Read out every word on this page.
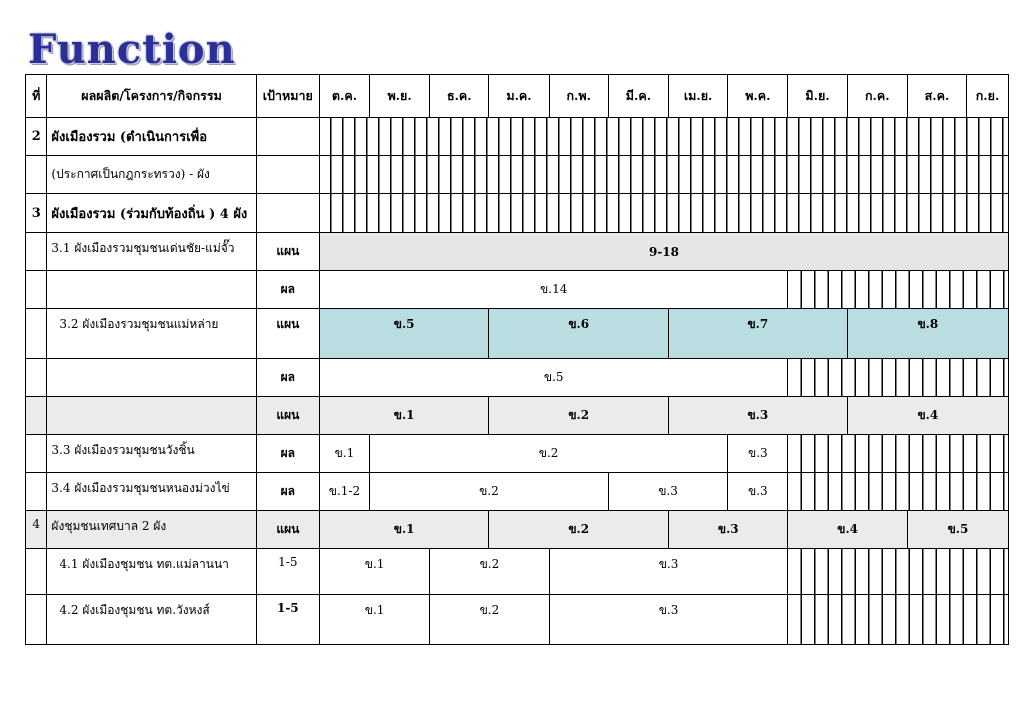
Function
ที่	ผลผลิต/โครงการ/กิจกรรม	เป้าหมาย	ต.ค.	พ.ย.	ธ.ค.	ม.ค.	ก.พ.	มี.ค.	เม.ย.	พ.ค.	มิ.ย.	ก.ค.	ส.ค.	ก.ย.
2	ผังเมืองรวม (ดำเนินการเพื่อ													
	(ประกาศเป็นกฎกระทรวง) - ผัง													
3	ผังเมืองรวม (ร่วมกับท้องถิ่น ) 4 ผัง													
	3.1 ผังเมืองรวมชุมชนเด่นชัย-แม่จั๊ว	แผน	9-18											
		ผล	ข.14											
	3.2 ผังเมืองรวมชุมชนแม่หล่าย	แผน	ข.5			ข.6			ข.7			ข.8		
		ผล	ข.5											
		แผน	ข.1			ข.2			ข.3			ข.4		
	3.3 ผังเมืองรวมชุมชนวังชิ้น	ผล	ข.1	ข.2						ข.3				
	3.4 ผังเมืองรวมชุมชนหนองม่วงไข่	ผล	ข.1-2	ข.2				ข.3		ข.3				
4	ผังชุมชนเทศบาล 2 ผัง	แผน	ข.1			ข.2			ข.3		ข.4		ข.5	
	4.1 ผังเมืองชุมชน ทต.แม่ลานนา	1-5	ข.1		ข.2		ข.3							
	4.2 ผังเมืองชุมชน ทต.วังหงส์	1-5	ข.1		ข.2		ข.3							
